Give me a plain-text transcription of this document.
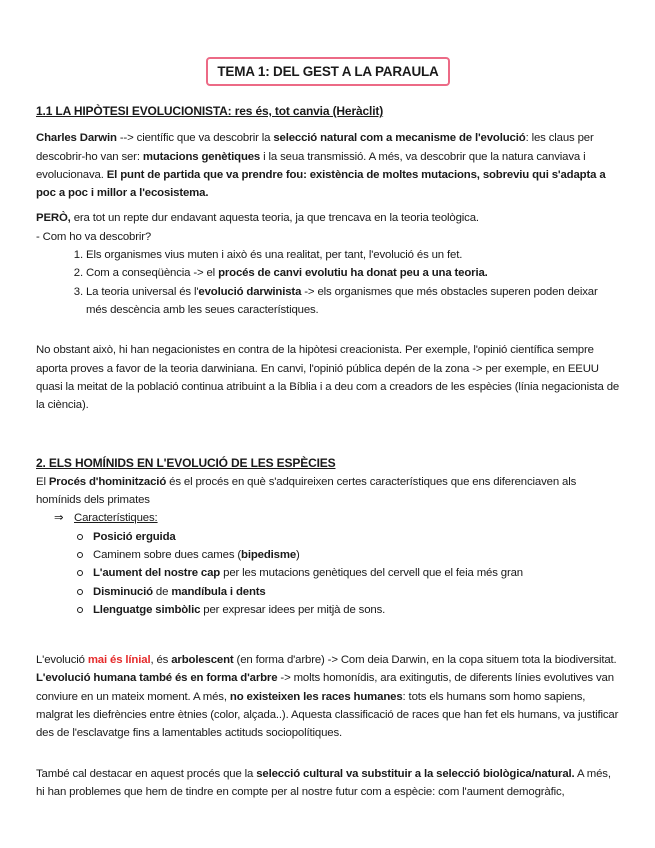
TEMA 1: DEL GEST A LA PARAULA
1.1 LA HIPÒTESI EVOLUCIONISTA: res és, tot canvia (Heràclit)

Charles Darwin --> científic que va descobrir la selecció natural com a mecanisme de l'evolució: les claus per descobrir-ho van ser: mutacions genètiques i la seua transmissió. A més, va descobrir que la natura canviava i evolucionava. El punt de partida que va prendre fou: existència de moltes mutacions, sobreviu qui s'adapta a poc a poc i millor a l'ecosistema.

PERÒ, era tot un repte dur endavant aquesta teoria, ja que trencava en la teoria teològica.

- Com ho va descobrir?

1. Els organismes vius muten i això és una realitat, per tant, l'evolució és un fet.
2. Com a conseqüència -> el procés de canvi evolutiu ha donat peu a una teoria.
3. La teoria universal és l'evolució darwinista -> els organismes que més obstacles superen poden deixar més descència amb les seues característiques.

No obstant això, hi han negacionistes en contra de la hipòtesi creacionista. Per exemple, l'opinió científica sempre aporta proves a favor de la teoria darwiniana. En canvi, l'opinió pública depén de la zona -> per exemple, en EEUU quasi la meitat de la població continua atribuint a la Bíblia i a deu com a creadors de les espècies (línia negacionista de la ciència).

2. ELS HOMÍNIDS EN L'EVOLUCIÓ DE LES ESPÈCIES

El Procés d'hominització és el procés en què s'adquireixen certes característiques que ens diferenciaven als homínids dels primates

⇒ Característiques:
Posició erguida
Caminem sobre dues cames (bipedisme)
L'aument del nostre cap per les mutacions genètiques del cervell que el feia més gran
Disminució de mandíbula i dents
Llenguatge simbòlic per expresar idees per mitjà de sons.

L'evolució mai és línial, és arbolescent (en forma d'arbre) -> Com deia Darwin, en la copa situem tota la biodiversitat. L'evolució humana també és en forma d'arbre -> molts homonídis, ara exitingutis, de diferents línies evolutives van conviure en un mateix moment. A més, no existeixen les races humanes: tots els humans som homo sapiens, malgrat les diefrències entre ètnies (color, alçada..). Aquesta classificació de races que han fet els humans, va justificar des de l'esclavatge fins a lamentables actituds sociopolítiques.

També cal destacar en aquest procés que la selecció cultural va substituir a la selecció biològica/natural. A més, hi han problemes que hem de tindre en compte per al nostre futur com a espècie: com l'aument demogràfic,
